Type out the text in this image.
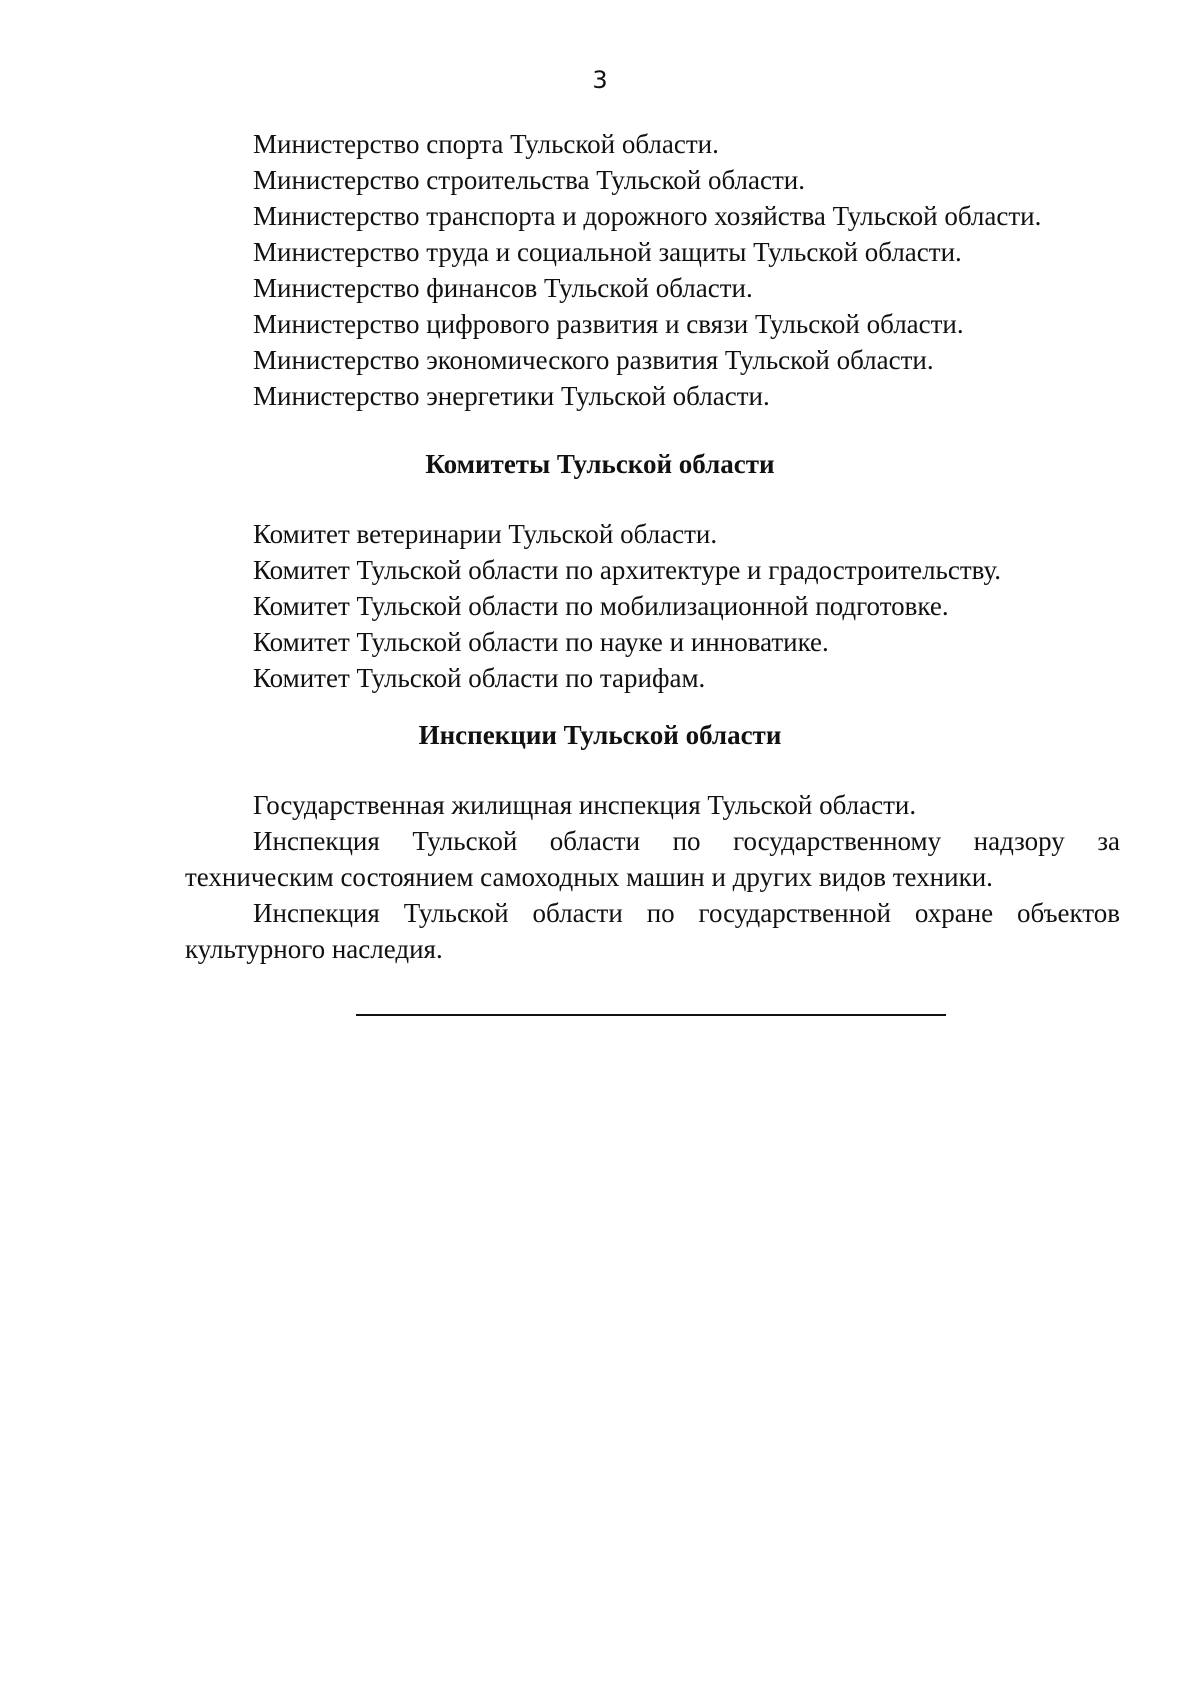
3
Министерство спорта Тульской области.
Министерство строительства Тульской области.
Министерство транспорта и дорожного хозяйства Тульской области.
Министерство труда и социальной защиты Тульской области.
Министерство финансов Тульской области.
Министерство цифрового развития и связи Тульской области.
Министерство экономического развития Тульской области.
Министерство энергетики Тульской области.
Комитеты Тульской области
Комитет ветеринарии Тульской области.
Комитет Тульской области по архитектуре и градостроительству.
Комитет Тульской области по мобилизационной подготовке.
Комитет Тульской области по науке и инноватике.
Комитет Тульской области по тарифам.
Инспекции Тульской области
Государственная жилищная инспекция Тульской области.
Инспекция Тульской области по государственному надзору за техническим состоянием самоходных машин и других видов техники.
Инспекция Тульской области по государственной охране объектов культурного наследия.
